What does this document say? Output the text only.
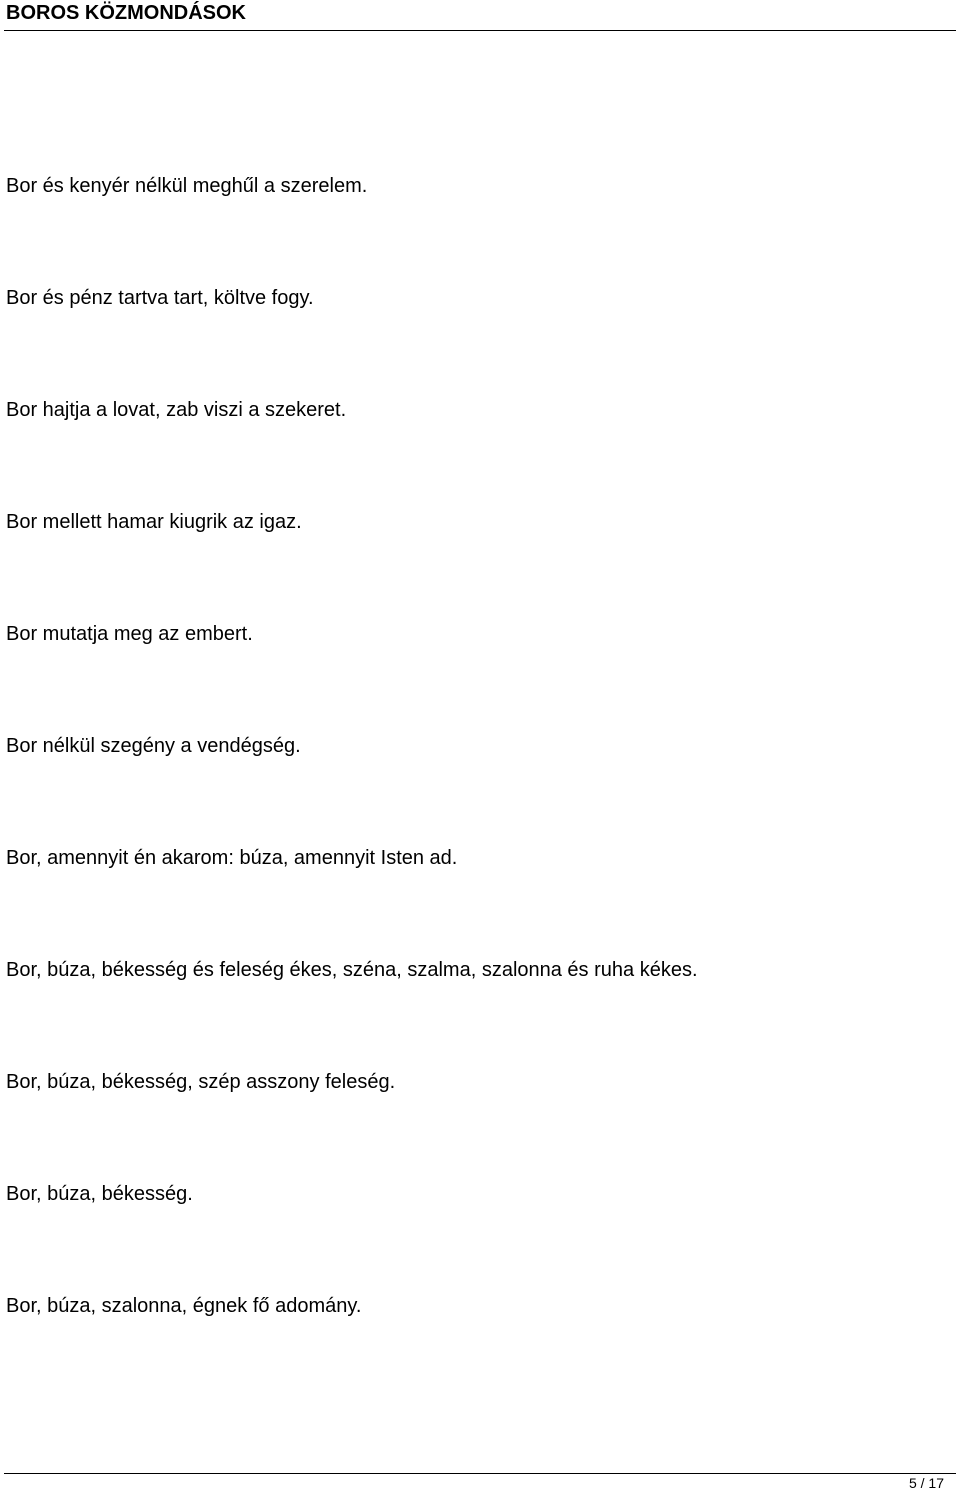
BOROS KÖZMONDÁSOK
Bor és kenyér nélkül meghűl a szerelem.
Bor és pénz tartva tart, költve fogy.
Bor hajtja a lovat, zab viszi a szekeret.
Bor mellett hamar kiugrik az igaz.
Bor mutatja meg az embert.
Bor nélkül szegény a vendégség.
Bor, amennyit én akarom: búza, amennyit Isten ad.
Bor, búza, békesség és feleség ékes, széna, szalma, szalonna és ruha kékes.
Bor, búza, békesség, szép asszony feleség.
Bor, búza, békesség.
Bor, búza, szalonna, égnek fő adomány.
5 / 17
